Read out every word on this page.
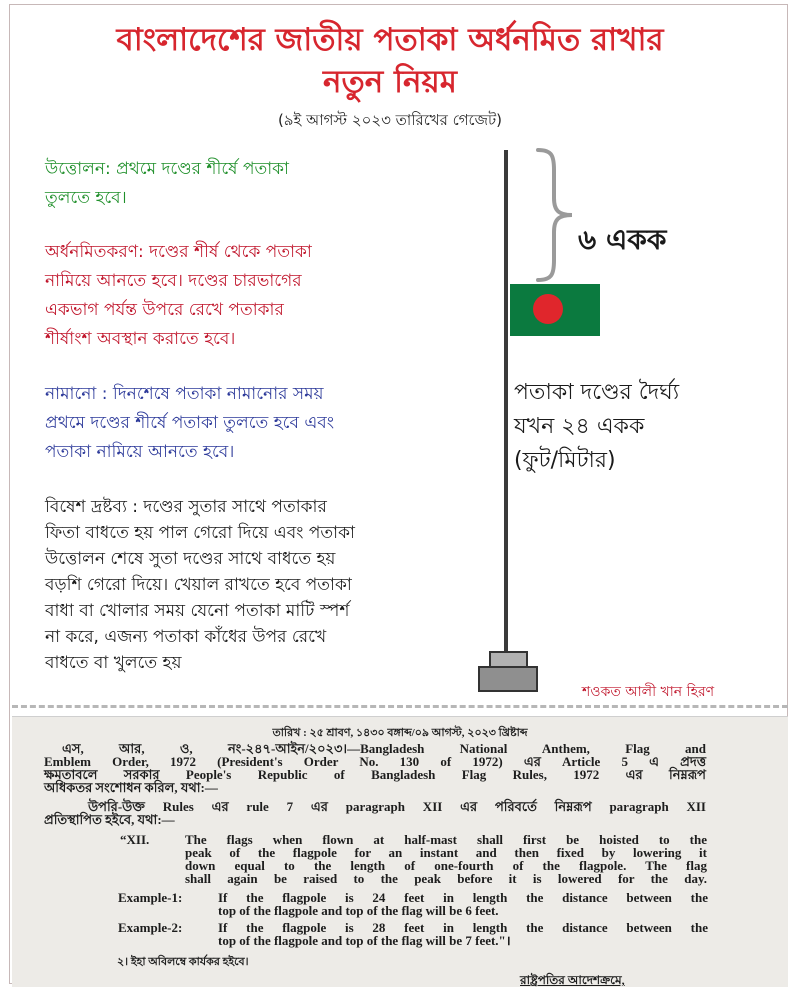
বাংলাদেশের জাতীয় পতাকা অর্ধনমিত রাখার
নতুন নিয়ম
(৯ই আগস্ট ২০২৩ তারিখের গেজেট)
উত্তোলন: প্রথমে দণ্ডের শীর্ষে পতাকা
তুলতে হবে।
অর্ধনমিতকরণ: দণ্ডের শীর্ষ থেকে পতাকা
নামিয়ে আনতে হবে। দণ্ডের চারভাগের
একভাগ পর্যন্ত উপরে রেখে পতাকার
শীর্ষাংশ অবস্থান করাতে হবে।
নামানো : দিনশেষে পতাকা নামানোর সময়
প্রথমে দণ্ডের শীর্ষে পতাকা তুলতে হবে এবং
পতাকা নামিয়ে আনতে হবে।
বিষেশ দ্রষ্টব্য : দণ্ডের সুতার সাথে পতাকার
ফিতা বাধতে হয় পাল গেরো দিয়ে এবং পতাকা
উত্তোলন শেষে সুতা দণ্ডের সাথে বাধতে হয়
বড়শি গেরো দিয়ে। খেয়াল রাখতে হবে পতাকা
বাধা বা খোলার সময় যেনো পতাকা মাটি স্পর্শ
না করে, এজন্য পতাকা কাঁধের উপর রেখে
বাধতে বা খুলতে হয়
৬ একক
পতাকা দণ্ডের দৈর্ঘ্য
যখন ২৪ একক
(ফুট/মিটার)
শওকত আলী খান হিরণ
তারিখ : ২৫ শ্রাবণ, ১৪৩০ বঙ্গাব্দ/০৯ আগস্ট, ২০২৩ খ্রিষ্টাব্দ
এস, আর, ও, নং-২৪৭-আইন/২০২৩।—Bangladesh National Anthem, Flag and
Emblem Order, 1972 (President's Order No. 130 of 1972) এর Article 5 এ প্রদত্ত
ক্ষমতাবলে সরকার People's Republic of Bangladesh Flag Rules, 1972 এর নিম্নরূপ
অধিকতর সংশোধন করিল, যথা:—
উপরি-উক্ত Rules এর rule 7 এর paragraph XII এর পরিবর্তে নিম্নরূপ paragraph XII
প্রতিস্থাপিত হইবে, যথা:—
“XII.	The flags when flown at half-mast shall first be hoisted to the
peak of the flagpole for an instant and then fixed by lowering it
down equal to the length of one-fourth of the flagpole. The flag
shall again be raised to the peak before it is lowered for the day.
Example-1:	If the flagpole is 24 feet in length the distance between the
top of the flagpole and top of the flag will be 6 feet.
Example-2:	If the flagpole is 28 feet in length the distance between the
top of the flagpole and top of the flag will be 7 feet."।
২। ইহা অবিলম্বে কার্যকর হইবে।
রাষ্ট্রপতির আদেশক্রমে,
